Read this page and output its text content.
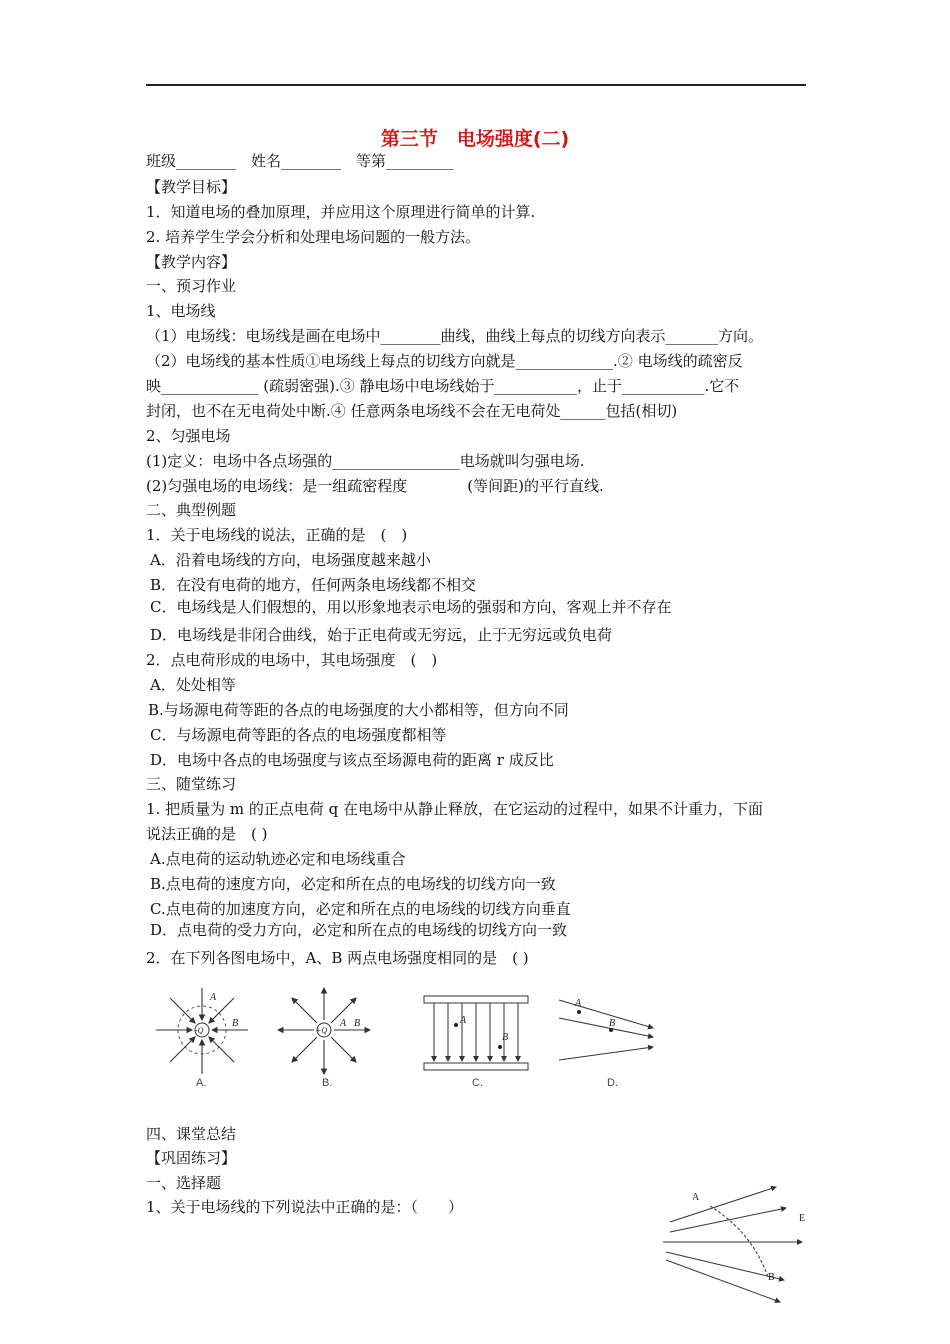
第三节　电场强度(二)
班级________　姓名________　等第_________
【教学目标】
1．知道电场的叠加原理，并应用这个原理进行简单的计算.
2. 培养学生学会分析和处理电场问题的一般方法。
【教学内容】
一、预习作业
1、电场线
（1）电场线：电场线是画在电场中________曲线，曲线上每点的切线方向表示_______方向。
（2）电场线的基本性质①电场线上每点的切线方向就是_____________.② 电场线的疏密反
映_____________ (疏弱密强).③ 静电场中电场线始于___________，止于___________.它不
封闭，也不在无电荷处中断.④ 任意两条电场线不会在无电荷处______包括(相切)
2、匀强电场
(1)定义：电场中各点场强的_________________电场就叫匀强电场.
(2)匀强电场的电场线：是一组疏密程度　　　　(等间距)的平行直线.
二、典型例题
1．关于电场线的说法，正确的是　(　)
A．沿着电场线的方向，电场强度越来越小
B．在没有电荷的地方，任何两条电场线都不相交
C．电场线是人们假想的，用以形象地表示电场的强弱和方向，客观上并不存在
D．电场线是非闭合曲线，始于正电荷或无穷远，止于无穷远或负电荷
2．点电荷形成的电场中，其电场强度　(　)
A．处处相等
B.与场源电荷等距的各点的电场强度的大小都相等，但方向不同
C．与场源电荷等距的各点的电场强度都相等
D．电场中各点的电场强度与该点至场源电荷的距离 r 成反比
三、随堂练习
1. 把质量为 m 的正点电荷 q 在电场中从静止释放，在它运动的过程中，如果不计重力，下面
说法正确的是　( )
A.点电荷的运动轨迹必定和电场线重合
B.点电荷的速度方向，必定和所在点的电场线的切线方向一致
C.点电荷的加速度方向，必定和所在点的电场线的切线方向垂直
D．点电荷的受力方向，必定和所在点的电场线的切线方向一致
2．在下列各图电场中，A、B 两点电场强度相同的是　( )
四、课堂总结
【巩固练习】
一、选择题
1、关于电场线的下列说法中正确的是：（　　）
A
B
-Q
A.
A B
+Q
B.
A
B
C.
A
B
D.
A
B
E
